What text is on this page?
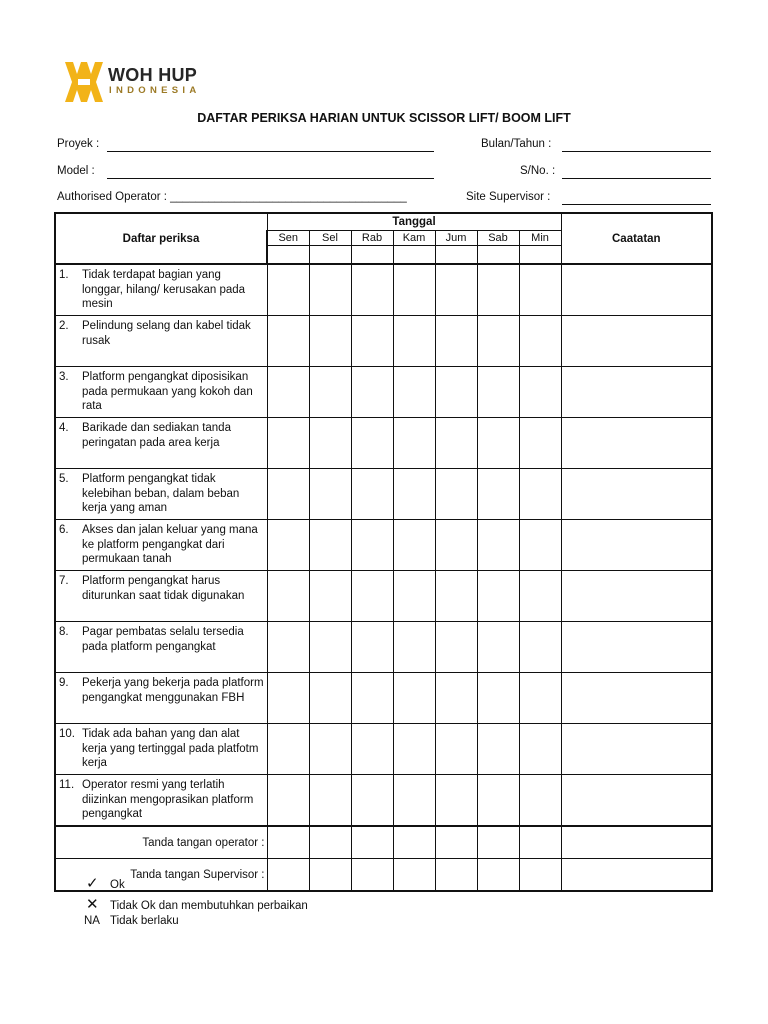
WOH HUP
INDONESIA
DAFTAR PERIKSA HARIAN UNTUK SCISSOR LIFT/ BOOM LIFT
Proyek :	Bulan/Tahun :
Model :	S/No. :
Authorised Operator : _____________________________________	Site Supervisor :
Daftar periksa	Tanggal							Caatatan
	Sen	Sel	Rab	Kam	Jum	Sab	Min	

1. Tidak terdapat bagian yang longgar, hilang/ kerusakan pada mesin								

2. Pelindung selang dan kabel tidak rusak								

3. Platform pengangkat diposisikan pada permukaan yang kokoh dan rata								

4. Barikade dan sediakan tanda peringatan pada area kerja								

5. Platform pengangkat tidak kelebihan beban, dalam beban kerja yang aman								

6. Akses dan jalan keluar yang mana ke platform pengangkat dari permukaan tanah								

7. Platform pengangkat harus diturunkan saat tidak digunakan								

8. Pagar pembatas selalu tersedia pada platform pengangkat								

9. Pekerja yang bekerja pada platform pengangkat menggunakan FBH								

10. Tidak ada bahan yang dan alat kerja yang tertinggal pada platfotm kerja								

11. Operator resmi yang terlatih diizinkan mengoprasikan platform pengangkat								

Tanda tangan operator :								
Tanda tangan Supervisor :								
✓ Ok
✕ Tidak Ok dan membutuhkan perbaikan
NA Tidak berlaku
